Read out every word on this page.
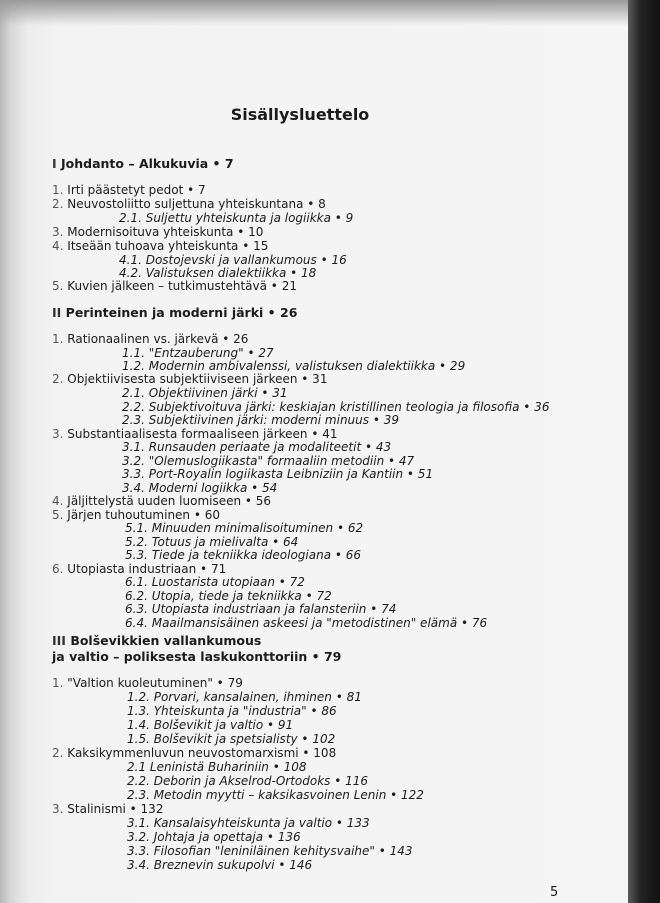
Sisällysluettelo
I Johdanto – Alkukuvia • 7
1. Irti päästetyt pedot • 7
2. Neuvostoliitto suljettuna yhteiskuntana • 8
2.1. Suljettu yhteiskunta ja logiikka • 9
3. Modernisoituva yhteiskunta • 10
4. Itseään tuhoava yhteiskunta • 15
4.1. Dostojevski ja vallankumous • 16
4.2. Valistuksen dialektiikka • 18
5. Kuvien jälkeen – tutkimustehtävä • 21
II Perinteinen ja moderni järki • 26
1. Rationaalinen vs. järkevä • 26
1.1. "Entzauberung" • 27
1.2. Modernin ambivalenssi, valistuksen dialektiikka • 29
2. Objektiivisesta subjektiiviseen järkeen • 31
2.1. Objektiivinen järki • 31
2.2. Subjektivoituva järki: keskiajan kristillinen teologia ja filosofia • 36
2.3. Subjektiivinen järki: moderni minuus • 39
3. Substantiaalisesta formaaliseen järkeen • 41
3.1. Runsauden periaate ja modaliteetit • 43
3.2. "Olemuslogiikasta" formaaliin metodiin • 47
3.3. Port-Royalin logiikasta Leibniziin ja Kantiin • 51
3.4. Moderni logiikka • 54
4. Jäljittelystä uuden luomiseen • 56
5. Järjen tuhoutuminen • 60
5.1. Minuuden minimalisoituminen • 62
5.2. Totuus ja mielivalta • 64
5.3. Tiede ja tekniikka ideologiana • 66
6. Utopiasta industriaan • 71
6.1. Luostarista utopiaan • 72
6.2. Utopia, tiede ja tekniikka • 72
6.3. Utopiasta industriaan ja falansteriin • 74
6.4. Maailmansisäinen askeesi ja "metodistinen" elämä • 76
III Bolševikkien vallankumous
ja valtio – poliksesta laskukonttoriin • 79
1. "Valtion kuoleutuminen" • 79
1.2. Porvari, kansalainen, ihminen • 81
1.3. Yhteiskunta ja "industria" • 86
1.4. Bolševikit ja valtio • 91
1.5. Bolševikit ja spetsialisty • 102
2. Kaksikymmenluvun neuvostomarxismi • 108
2.1 Leninistä Buhariniin • 108
2.2. Deborin ja Akselrod-Ortodoks • 116
2.3. Metodin myytti – kaksikasvoinen Lenin • 122
3. Stalinismi • 132
3.1. Kansalaisyhteiskunta ja valtio • 133
3.2. Johtaja ja opettaja • 136
3.3. Filosofian "leniniläinen kehitysvaihe" • 143
3.4. Breznevin sukupolvi • 146
5
